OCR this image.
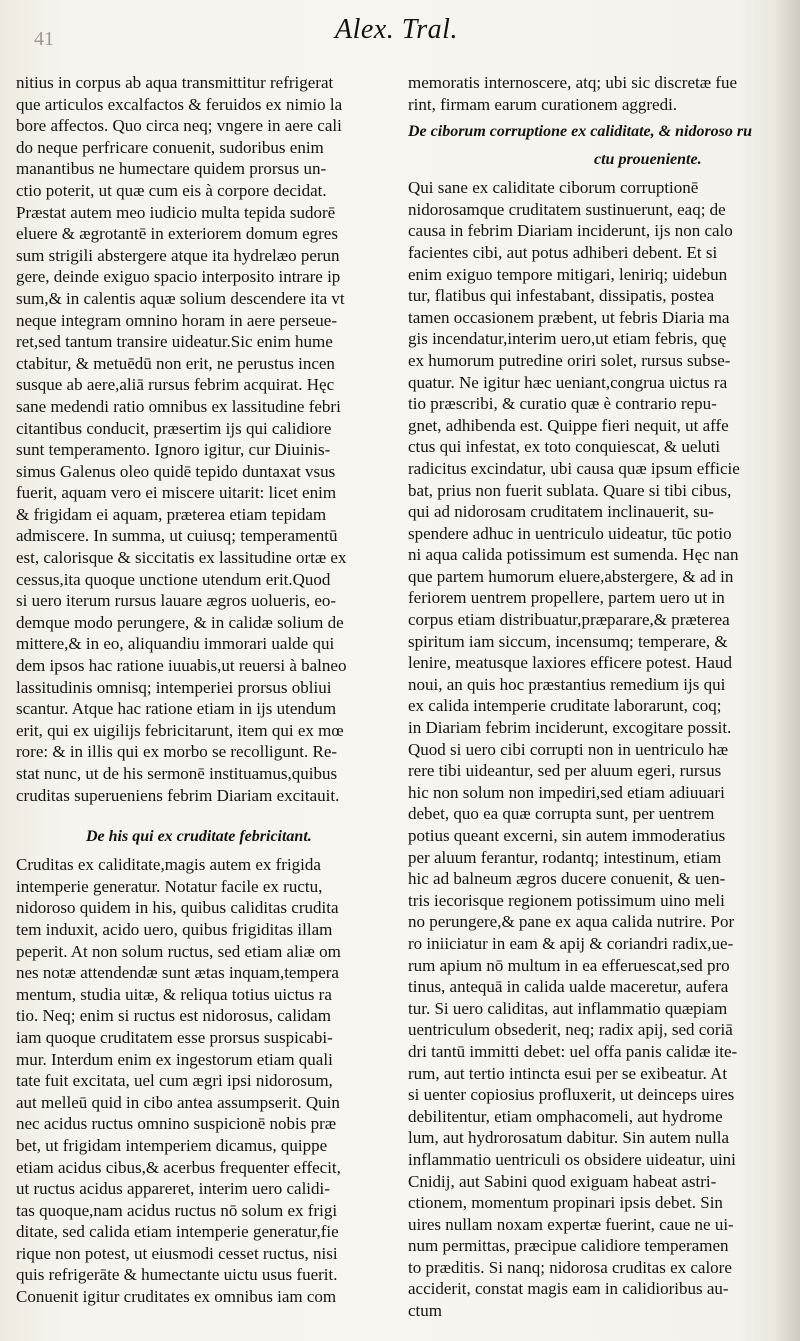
41	Alex. Tral.
nitius in corpus ab aqua transmittitur refrigerat
que articulos excalfactos & feruidos ex nimio la
bore affectos. Quo circa neq; vngere in aere cali
do neque perfricare conuenit, sudoribus enim
manantibus ne humectare quidem prorsus un-
ctio poterit, ut quæ cum eis à corpore decidat.
Præstat autem meo iudicio multa tepida sudorē
eluere & ægrotantē in exteriorem domum egres
sum strigili abstergere atque ita hydrelæo perun
gere, deinde exiguo spacio interposito intrare ip
sum,& in calentis aquæ solium descendere ita vt
neque integram omnino horam in aere perseue-
ret,sed tantum transire uideatur.Sic enim hume
ctabitur, & metuēdū non erit, ne perustus incen
susque ab aere,aliā rursus febrim acquirat. Hęc
sane medendi ratio omnibus ex lassitudine febri
citantibus conducit, præsertim ijs qui calidiore
sunt temperamento. Ignoro igitur, cur Diuinis-
simus Galenus oleo quidē tepido duntaxat vsus
fuerit, aquam vero ei miscere uitarit: licet enim
& frigidam ei aquam, præterea etiam tepidam
admiscere. In summa, ut cuiusq; temperamentū
est, calorisque & siccitatis ex lassitudine ortæ ex
cessus,ita quoque unctione utendum erit.Quod
si uero iterum rursus lauare ægros uolueris, eo-
demque modo perungere, & in calidæ solium de
mittere,& in eo, aliquandiu immorari ualde qui
dem ipsos hac ratione iuuabis,ut reuersi à balneo
lassitudinis omnisq; intemperiei prorsus obliui
scantur. Atque hac ratione etiam in ijs utendum
erit, qui ex uigilijs febricitarunt, item qui ex mœ
rore: & in illis qui ex morbo se recolligunt. Re-
stat nunc, ut de his sermonē instituamus,quibus
cruditas superueniens febrim Diariam excitauit.
De his qui ex cruditate febricitant.
Cruditas ex caliditate,magis autem ex frigida
intemperie generatur. Notatur facile ex ructu,
nidoroso quidem in his, quibus caliditas crudita
tem induxit, acido uero, quibus frigiditas illam
peperit. At non solum ructus, sed etiam aliæ om
nes notæ attendendæ sunt ætas inquam,tempera
mentum, studia uitæ, & reliqua totius uictus ra
tio. Neq; enim si ructus est nidorosus, calidam
iam quoque cruditatem esse prorsus suspicabi-
mur. Interdum enim ex ingestorum etiam quali
tate fuit excitata, uel cum ægri ipsi nidorosum,
aut melleū quid in cibo antea assumpserit. Quin
nec acidus ructus omnino suspicionē nobis præ
bet, ut frigidam intemperiem dicamus, quippe
etiam acidus cibus,& acerbus frequenter effecit,
ut ructus acidus appareret, interim uero calidi-
tas quoque,nam acidus ructus nō solum ex frigi
ditate, sed calida etiam intemperie generatur,fie
rique non potest, ut eiusmodi cesset ructus, nisi
quis refrigerāte & humectante uictu usus fuerit.
Conuenit igitur cruditates ex omnibus iam com
memoratis internoscere, atq; ubi sic discretæ fue
rint, firmam earum curationem aggredi.
De ciborum corruptione ex caliditate, & nidoroso ru
ctu proueniente.
Qui sane ex caliditate ciborum corruptionē
nidorosamque cruditatem sustinuerunt, eaq; de
causa in febrim Diariam inciderunt, ijs non calo
facientes cibi, aut potus adhiberi debent. Et si
enim exiguo tempore mitigari, leniriq; uidebun
tur, flatibus qui infestabant, dissipatis, postea
tamen occasionem præbent, ut febris Diaria ma
gis incendatur,interim uero,ut etiam febris, quę
ex humorum putredine oriri solet, rursus subse-
quatur. Ne igitur hæc ueniant,congrua uictus ra
tio præscribi, & curatio quæ è contrario repu-
gnet, adhibenda est. Quippe fieri nequit, ut affe
ctus qui infestat, ex toto conquiescat, & ueluti
radicitus excindatur, ubi causa quæ ipsum efficie
bat, prius non fuerit sublata. Quare si tibi cibus,
qui ad nidorosam cruditatem inclinauerit, su-
spendere adhuc in uentriculo uideatur, tūc potio
ni aqua calida potissimum est sumenda. Hęc nan
que partem humorum eluere,abstergere, & ad in
feriorem uentrem propellere, partem uero ut in
corpus etiam distribuatur,præparare,& præterea
spiritum iam siccum, incensumq; temperare, &
lenire, meatusque laxiores efficere potest. Haud
noui, an quis hoc præstantius remedium ijs qui
ex calida intemperie cruditate laborarunt, coq;
in Diariam febrim inciderunt, excogitare possit.
Quod si uero cibi corrupti non in uentriculo hæ
rere tibi uideantur, sed per aluum egeri, rursus
hic non solum non impediri,sed etiam adiuuari
debet, quo ea quæ corrupta sunt, per uentrem
potius queant excerni, sin autem immoderatius
per aluum ferantur, rodantq; intestinum, etiam
hic ad balneum ægros ducere conuenit, & uen-
tris iecorisque regionem potissimum uino meli
no perungere,& pane ex aqua calida nutrire. Por
ro iniiciatur in eam & apij & coriandri radix,ue-
rum apium nō multum in ea efferuescat,sed pro
tinus, antequā in calida ualde maceretur, aufera
tur. Si uero caliditas, aut inflammatio quæpiam
uentriculum obsederit, neq; radix apij, sed coriā
dri tantū immitti debet: uel offa panis calidæ ite-
rum, aut tertio intincta esui per se exibeatur. At
si uenter copiosius profluxerit, ut deinceps uires
debilitentur, etiam omphacomeli, aut hydrome
lum, aut hydrorosatum dabitur. Sin autem nulla
inflammatio uentriculi os obsidere uideatur, uini
Cnidij, aut Sabini quod exiguam habeat astri-
ctionem, momentum propinari ipsis debet. Sin
uires nullam noxam expertæ fuerint, caue ne ui-
num permittas, præcipue calidiore temperamen
to præditis. Si nanq; nidorosa cruditas ex calore
acciderit, constat magis eam in calidioribus au-
ctum
